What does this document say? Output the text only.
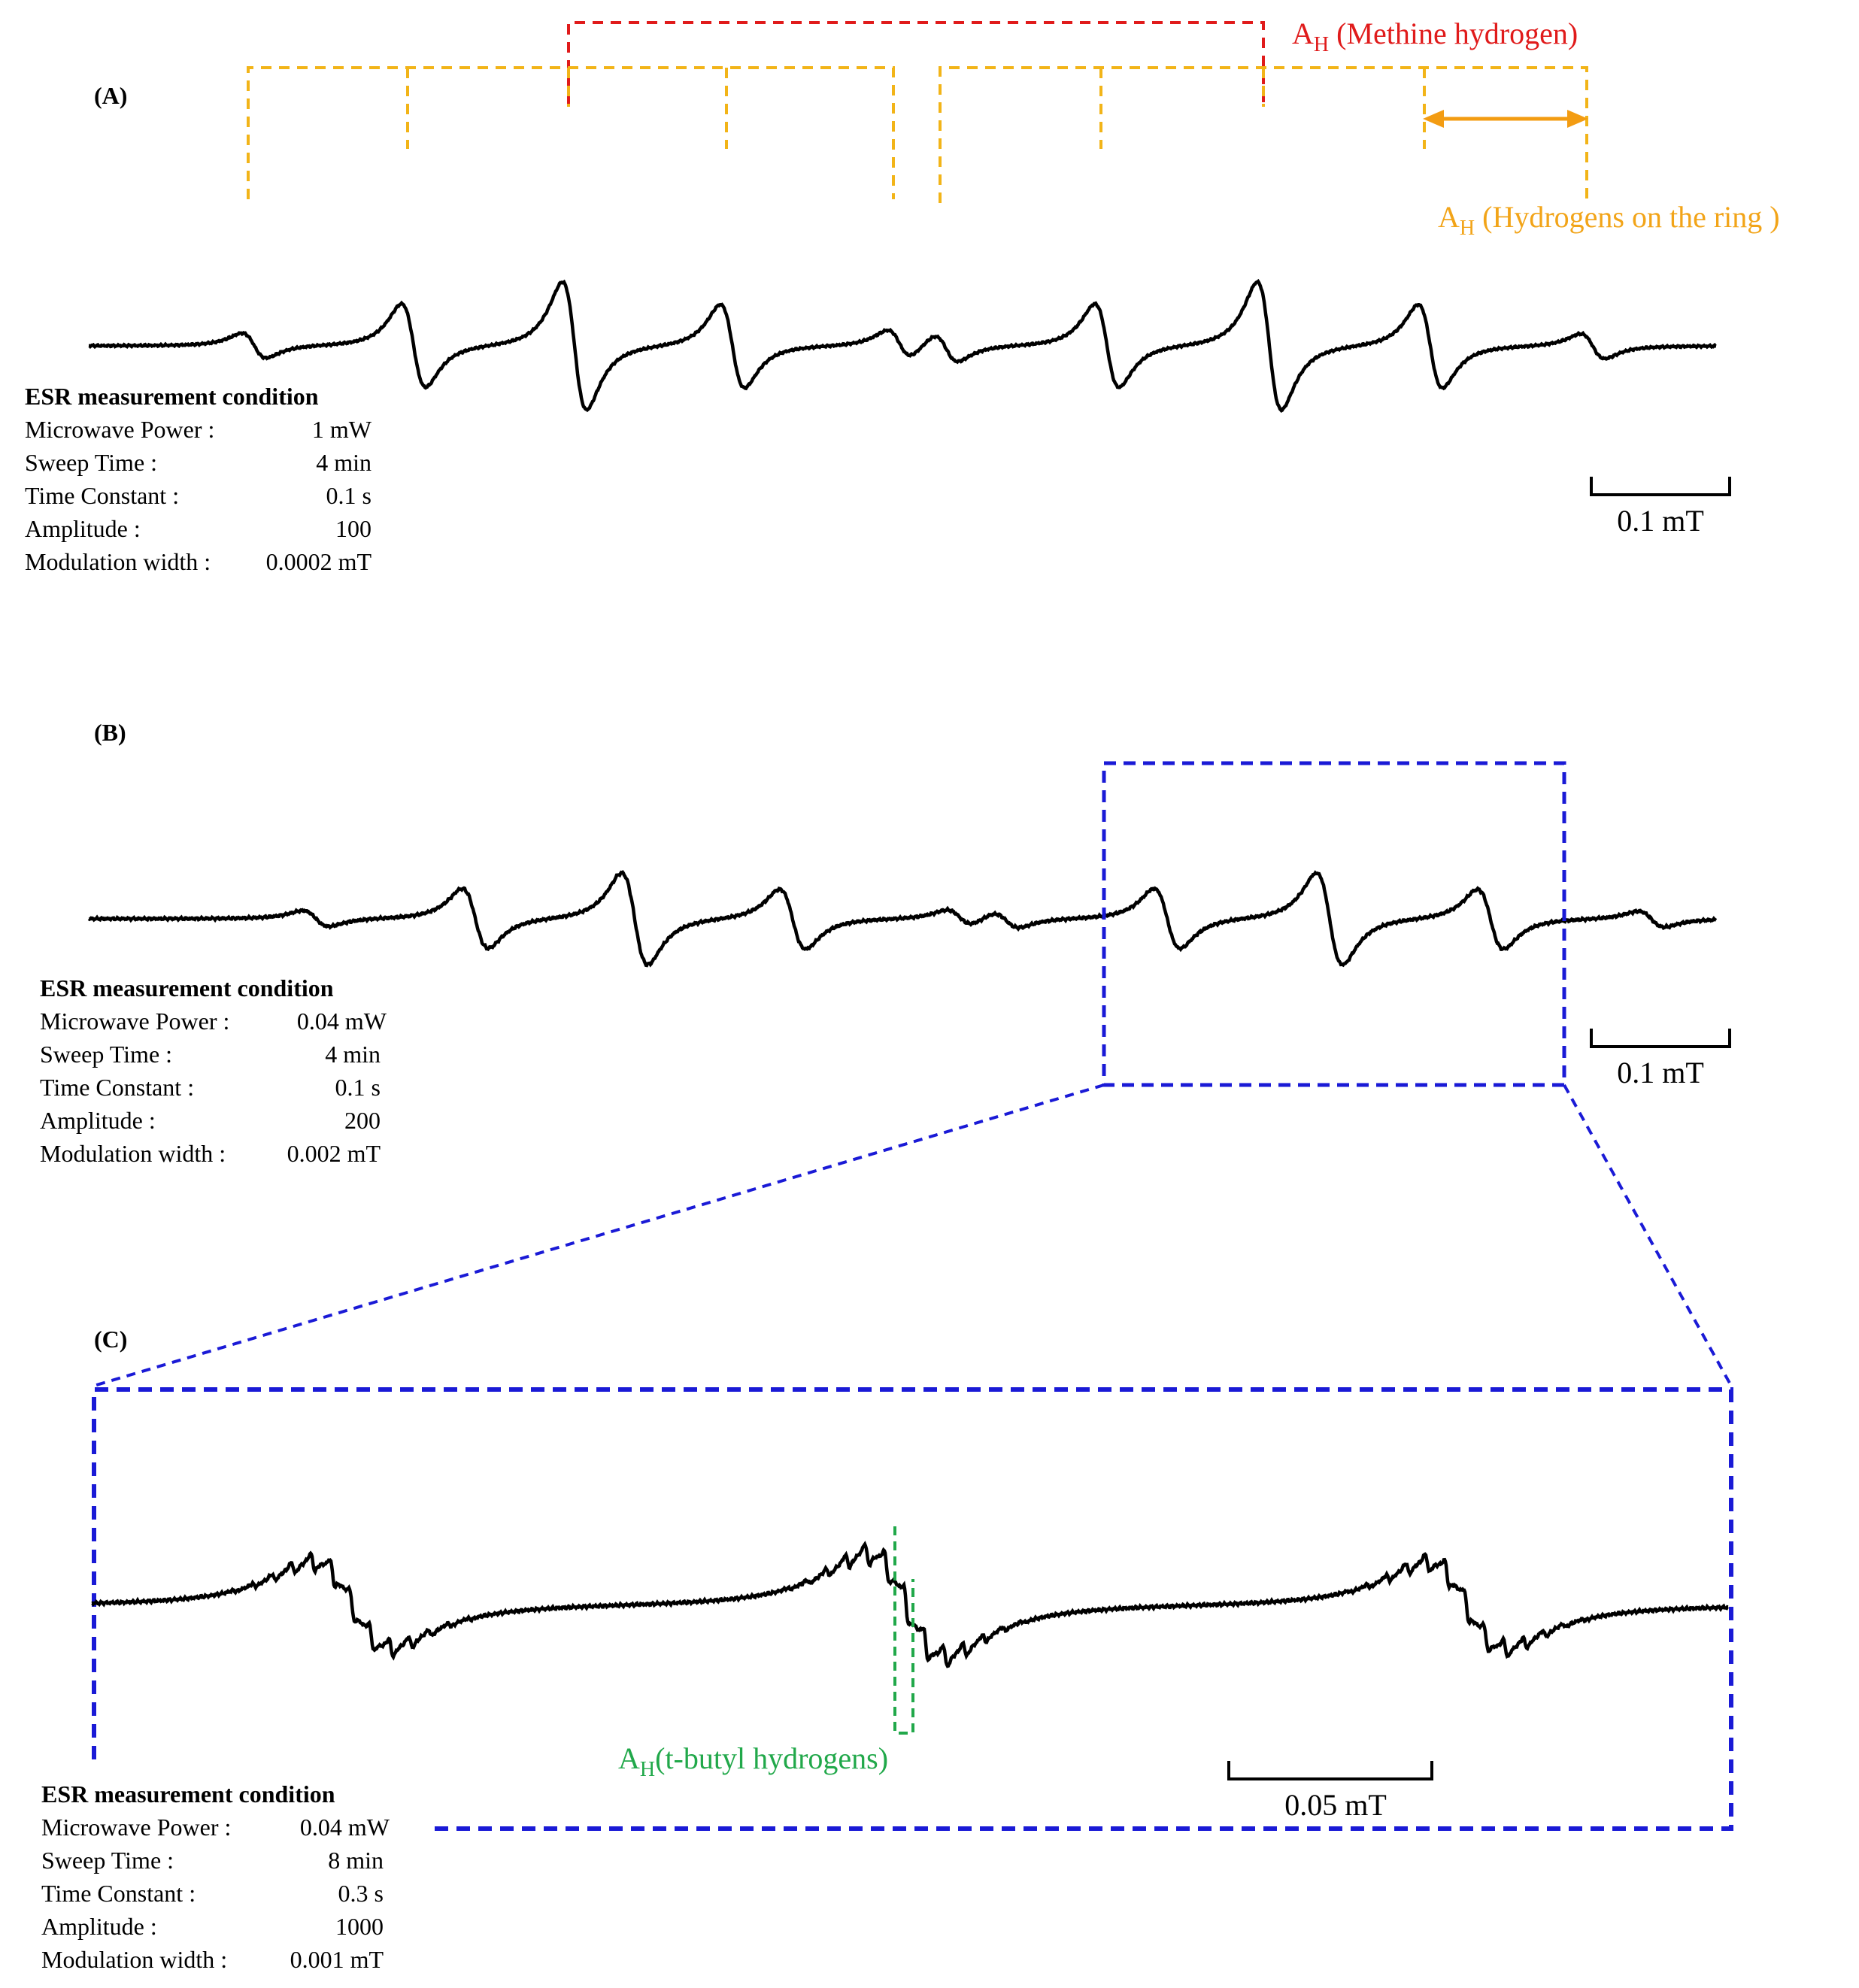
(A)
$A_H$ (Methine hydrogen)
$A_H$ (Hydrogens on the ring )
0.1 mT
ESR measurement condition
Microwave Power :	1 mW
Sweep Time :	4 min
Time Constant :	0.1 s
Amplitude :	100
Modulation width : 0.0002 mT
(B)
0.1 mT
ESR measurement condition
Microwave Power :	0.04 mW
Sweep Time :	4 min
Time Constant :	0.1 s
Amplitude :	200
Modulation width :	0.002 mT
(C)
$A_H(t$-butyl hydrogens)
0.05 mT
ESR measurement condition
Microwave Power :	0.04 mW
Sweep Time :	8 min
Time Constant :	0.3 s
Amplitude :	1000
Modulation width :	0.001 mT
